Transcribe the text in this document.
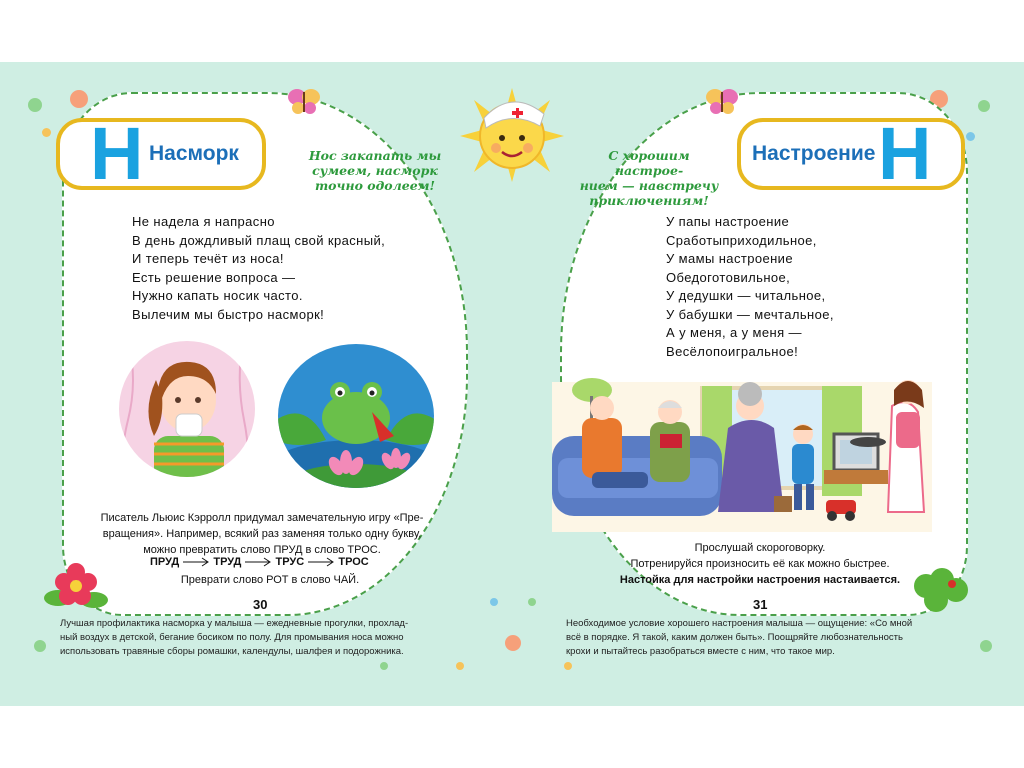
Н Насморк	Настроение Н
Нос закапать мы
сумеем, насморк
точно одолеем!
С хорошим настрое-
нием — навстречу
приключениям!
Не надела я напрасно
В день дождливый плащ свой красный,
И теперь течёт из носа!
Есть решение вопроса —
Нужно капать носик часто.
Вылечим мы быстро насморк!
У папы настроение
Сработыприходильное,
У мамы настроение
Обедоготовильное,
У дедушки — читальное,
У бабушки — мечтальное,
А у меня, а у меня —
Весёлопоигральное!
Писатель Льюис Кэрролл придумал замечательную игру «Пре-
вращения». Например, всякий раз заменяя только одну букву,
можно превратить слово ПРУД в слово ТРОС.
ПРУД	ТРУД	ТРУС	ТРОС
Преврати слово РОТ в слово ЧАЙ.
Прослушай скороговорку.
Потренируйся произносить её как можно быстрее.
Настойка для настройки настроения настаивается.
30	31
Лучшая профилактика насморка у малыша — ежедневные прогулки, прохлад-
ный воздух в детской, бегание босиком по полу. Для промывания носа можно
использовать травяные сборы ромашки, календулы, шалфея и подорожника.
Необходимое условие хорошего настроения малыша — ощущение: «Со мной
всё в порядке. Я такой, каким должен быть». Поощряйте любознательность
крохи и пытайтесь разобраться вместе с ним, что такое мир.
